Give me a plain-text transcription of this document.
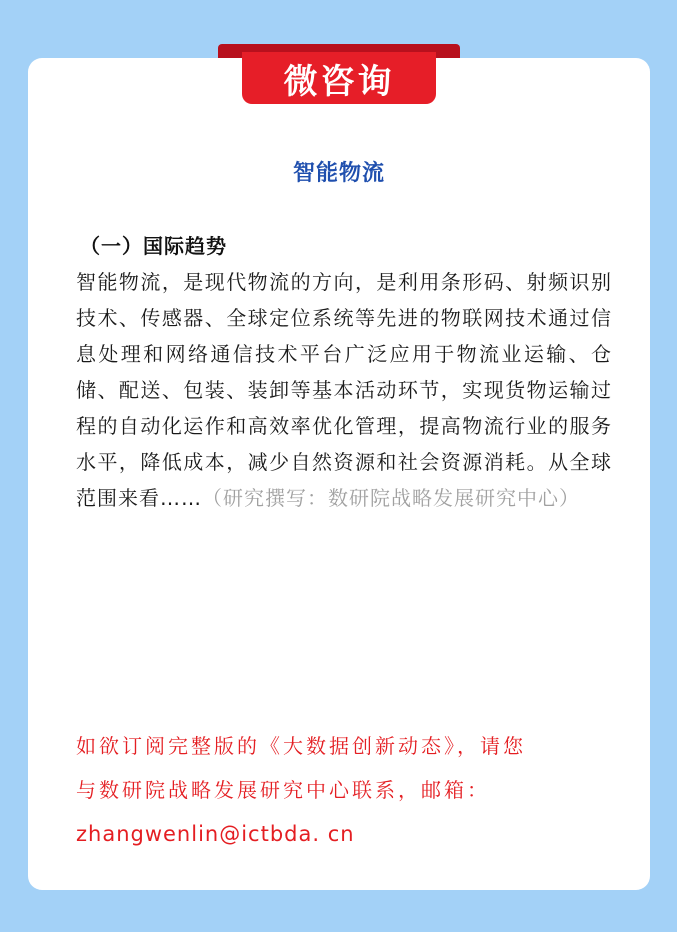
微咨询
智能物流
（一）国际趋势
智能物流，是现代物流的方向，是利用条形码、射频识别技术、传感器、全球定位系统等先进的物联网技术通过信息处理和网络通信技术平台广泛应用于物流业运输、仓储、配送、包装、装卸等基本活动环节，实现货物运输过程的自动化运作和高效率优化管理，提高物流行业的服务水平，降低成本，减少自然资源和社会资源消耗。从全球范围来看……（研究撰写：数研院战略发展研究中心）
如欲订阅完整版的《大数据创新动态》，请您
与数研院战略发展研究中心联系，邮箱：
zhangwenlin@ictbda. cn
